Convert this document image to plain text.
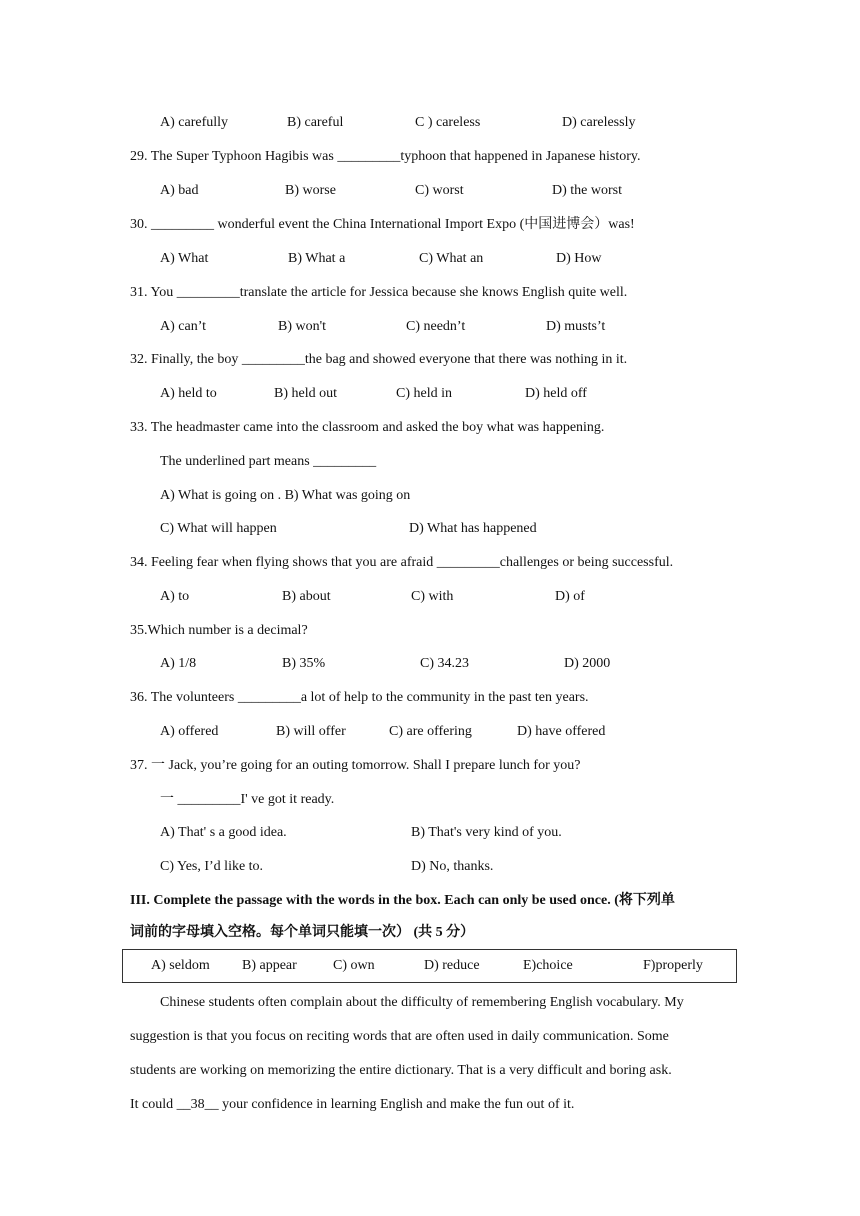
A) carefully	B) careful	C ) careless	D) carelessly
29. The Super Typhoon Hagibis was _________typhoon that happened in Japanese history.
A) bad	B) worse	C) worst	D) the worst
30. _________ wonderful event the China International Import Expo (中国进博会）was!
A) What	B) What a	C) What an	D) How
31. You _________translate the article for Jessica because she knows English quite well.
A) can’t	B) won't	C) needn’t	D) musts’t
32. Finally, the boy _________the bag and showed everyone that there was nothing in it.
A) held to	B) held out	C) held in	D) held off
33. The headmaster came into the classroom and asked the boy what was happening.
The underlined part means _________
A) What is going on . B) What was going on
C) What will happen	D) What has happened
34. Feeling fear when flying shows that you are afraid _________challenges or being successful.
A) to	B) about	C) with	D) of
35.Which number is a decimal?
A) 1/8	B) 35%	C) 34.23	D) 2000
36. The volunteers _________a lot of help to the community in the past ten years.
A) offered	B) will offer	C) are offering	D) have offered
37. 一 Jack, you’re going for an outing tomorrow. Shall I prepare lunch for you?
一 _________I' ve got it ready.
A) That' s a good idea.	B) That's very kind of you.
C) Yes, I’d like to.	D) No, thanks.
III. Complete the passage with the words in the box. Each can only be used once. (将下列单
词前的字母填入空格。每个单词只能填一次） (共 5 分）
A) seldom B) appear	C) own	D) reduce	E)choice	F)properly
Chinese students often complain about the difficulty of remembering English vocabulary. My
suggestion is that you focus on reciting words that are often used in daily communication. Some
students are working on memorizing the entire dictionary. That is a very difficult and boring ask.
It could __38__ your confidence in learning English and make the fun out of it.
